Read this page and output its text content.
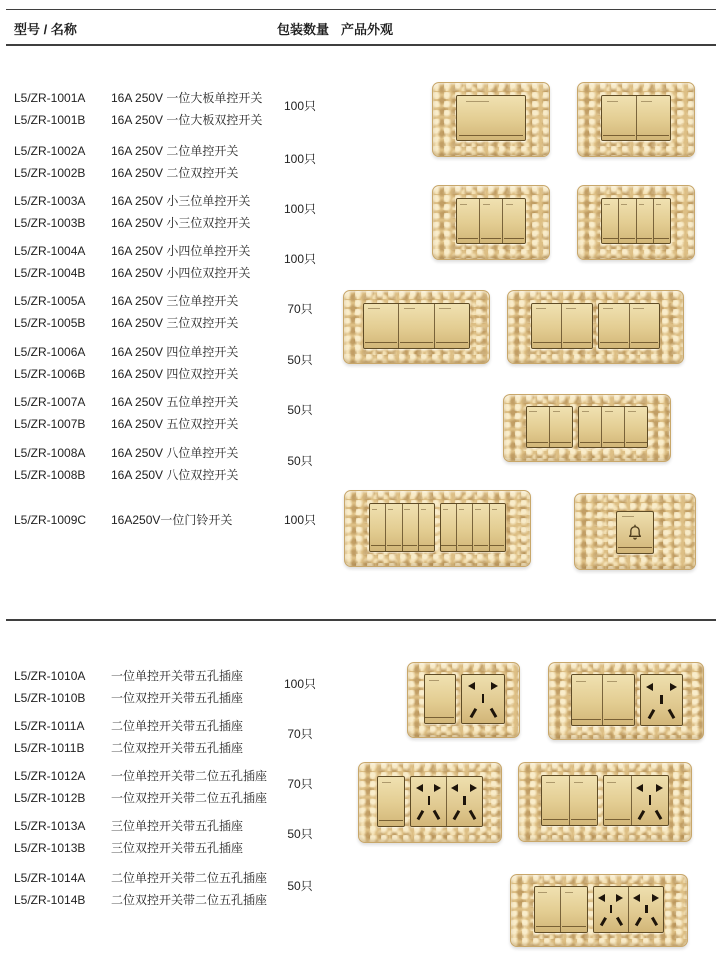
型号 / 名称	包装数量 产品外观
L5/ZR-1001A 16A 250V 一位大板单控开关
L5/ZR-1001B 16A 250V 一位大板双控开关
100只
L5/ZR-1002A 16A 250V 二位单控开关
L5/ZR-1002B 16A 250V 二位双控开关
100只
L5/ZR-1003A 16A 250V 小三位单控开关
L5/ZR-1003B 16A 250V 小三位双控开关
100只
L5/ZR-1004A 16A 250V 小四位单控开关
L5/ZR-1004B 16A 250V 小四位双控开关
100只
L5/ZR-1005A 16A 250V 三位单控开关
L5/ZR-1005B 16A 250V 三位双控开关
70只
L5/ZR-1006A 16A 250V 四位单控开关
L5/ZR-1006B 16A 250V 四位双控开关
50只
L5/ZR-1007A 16A 250V 五位单控开关
L5/ZR-1007B 16A 250V 五位双控开关
50只
L5/ZR-1008A 16A 250V 八位单控开关
L5/ZR-1008B 16A 250V 八位双控开关
50只
L5/ZR-1009C 16A250V一位门铃开关	100只
L5/ZR-1010A 一位单控开关带五孔插座
L5/ZR-1010B 一位双控开关带五孔插座
100只
L5/ZR-1011A 二位单控开关带五孔插座
L5/ZR-1011B 二位双控开关带五孔插座
70只
L5/ZR-1012A 一位单控开关带二位五孔插座
L5/ZR-1012B 一位双控开关带二位五孔插座
70只
L5/ZR-1013A 三位单控开关带五孔插座
L5/ZR-1013B 三位双控开关带五孔插座
50只
L5/ZR-1014A 二位单控开关带二位五孔插座
L5/ZR-1014B 二位双控开关带二位五孔插座
50只
